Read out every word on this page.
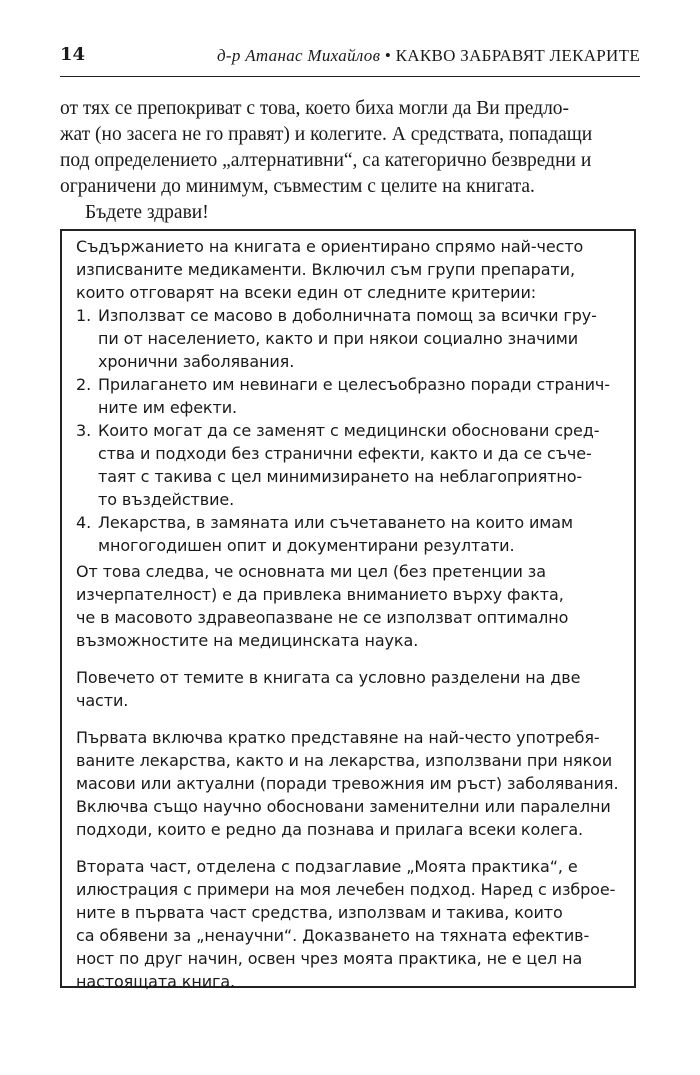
14	д-р Атанас Михайлов • КАКВО ЗАБРАВЯТ ЛЕКАРИТЕ
от тях се препокриват с това, което биха могли да Ви предло-
жат (но засега не го правят) и колегите. А средствата, попадащи
под определението „алтернативни“, са категорично безвредни и
ограничени до минимум, съвместим с целите на книгата.
Бъдете здрави!

Съдържанието на книгата е ориентирано спрямо най-често
изписваните медикаменти. Включил съм групи препарати,
които отговарят на всеки един от следните критерии:

1. Използват се масово в доболничната помощ за всички гру-
пи от населението, както и при някои социално значими
хронични заболявания.
2. Прилагането им невинаги е целесъобразно поради странич-
ните им ефекти.
3. Които могат да се заменят с медицински обосновани сред-
ства и подходи без странични ефекти, както и да се съче-
таят с такива с цел минимизирането на неблагоприятно-
то въздействие.
4. Лекарства, в замяната или съчетаването на които имам
многогодишен опит и документирани резултати.

От това следва, че основната ми цел (без претенции за
изчерпателност) е да привлека вниманието върху факта,
че в масовото здравеопазване не се използват оптимално
възможностите на медицинската наука.

Повечето от темите в книгата са условно разделени на две
части.

Първата включва кратко представяне на най-често употребя-
ваните лекарства, както и на лекарства, използвани при някои
масови или актуални (поради тревожния им ръст) заболявания.
Включва също научно обосновани заменителни или паралелни
подходи, които е редно да познава и прилага всеки колега.

Втората част, отделена с подзаглавие „Моята практика“, е
илюстрация с примери на моя лечебен подход. Наред с изброе-
ните в първата част средства, използвам и такива, които
са обявени за „ненаучни“. Доказването на тяхната ефектив-
ност по друг начин, освен чрез моята практика, не е цел на
настоящата книга.
